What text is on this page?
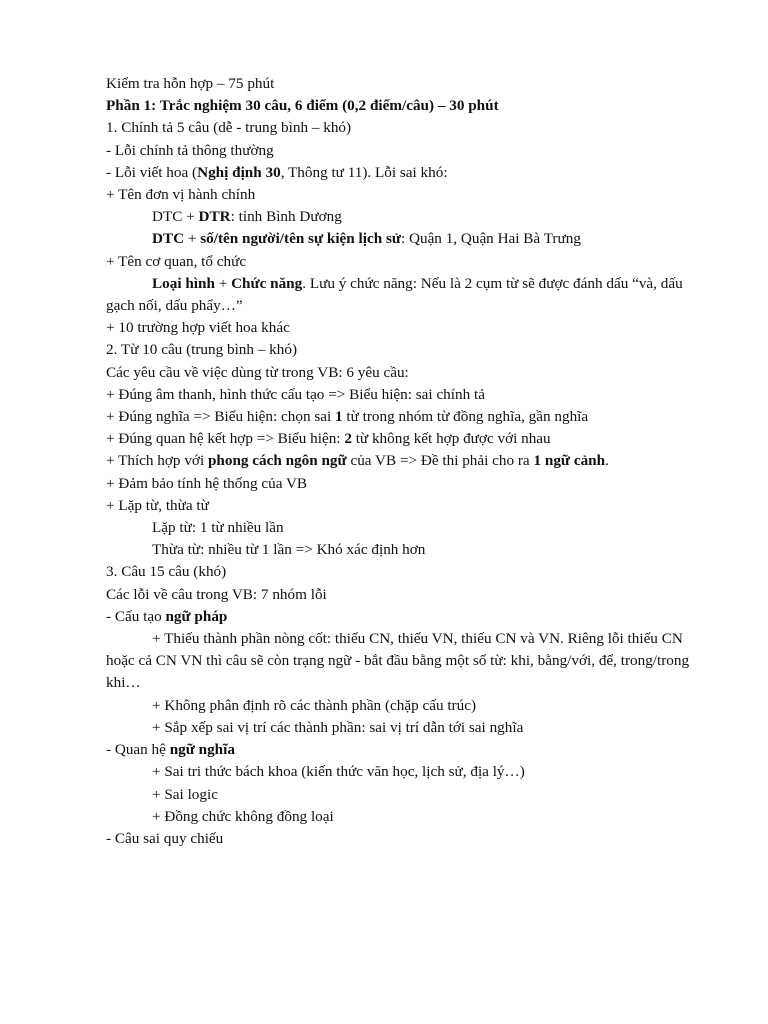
Kiểm tra hỗn hợp – 75 phút
Phần 1: Trắc nghiệm 30 câu, 6 điểm (0,2 điểm/câu) – 30 phút
1. Chính tả 5 câu (dễ - trung bình – khó)
- Lỗi chính tả thông thường
- Lỗi viết hoa (Nghị định 30, Thông tư 11). Lỗi sai khó:
+ Tên đơn vị hành chính
DTC + DTR: tỉnh Bình Dương
DTC + số/tên người/tên sự kiện lịch sử: Quận 1, Quận Hai Bà Trưng
+ Tên cơ quan, tổ chức
Loại hình + Chức năng. Lưu ý chức năng: Nếu là 2 cụm từ sẽ được đánh dấu “và, dấu gạch nối, dấu phẩy…”
+ 10 trường hợp viết hoa khác
2. Từ 10 câu (trung bình – khó)
Các yêu cầu về việc dùng từ trong VB: 6 yêu cầu:
+ Đúng âm thanh, hình thức cấu tạo => Biểu hiện: sai chính tả
+ Đúng nghĩa => Biểu hiện: chọn sai 1 từ trong nhóm từ đồng nghĩa, gần nghĩa
+ Đúng quan hệ kết hợp => Biểu hiện: 2 từ không kết hợp được với nhau
+ Thích hợp với phong cách ngôn ngữ của VB => Đề thi phải cho ra 1 ngữ cảnh.
+ Đảm bảo tính hệ thống của VB
+ Lặp từ, thừa từ
Lặp từ: 1 từ nhiều lần
Thừa từ: nhiều từ 1 lần => Khó xác định hơn
3. Câu 15 câu (khó)
Các lỗi về câu trong VB: 7 nhóm lỗi
- Cấu tạo ngữ pháp
+ Thiếu thành phần nòng cốt: thiếu CN, thiếu VN, thiếu CN và VN. Riêng lỗi thiếu CN hoặc cả CN VN thì câu sẽ còn trạng ngữ - bắt đầu bằng một số từ: khi, bằng/với, để, trong/trong khi…
+ Không phân định rõ các thành phần (chặp cấu trúc)
+ Sắp xếp sai vị trí các thành phần: sai vị trí dẫn tới sai nghĩa
- Quan hệ ngữ nghĩa
+ Sai tri thức bách khoa (kiến thức văn học, lịch sử, địa lý…)
+ Sai logic
+ Đồng chức không đồng loại
- Câu sai quy chiếu
